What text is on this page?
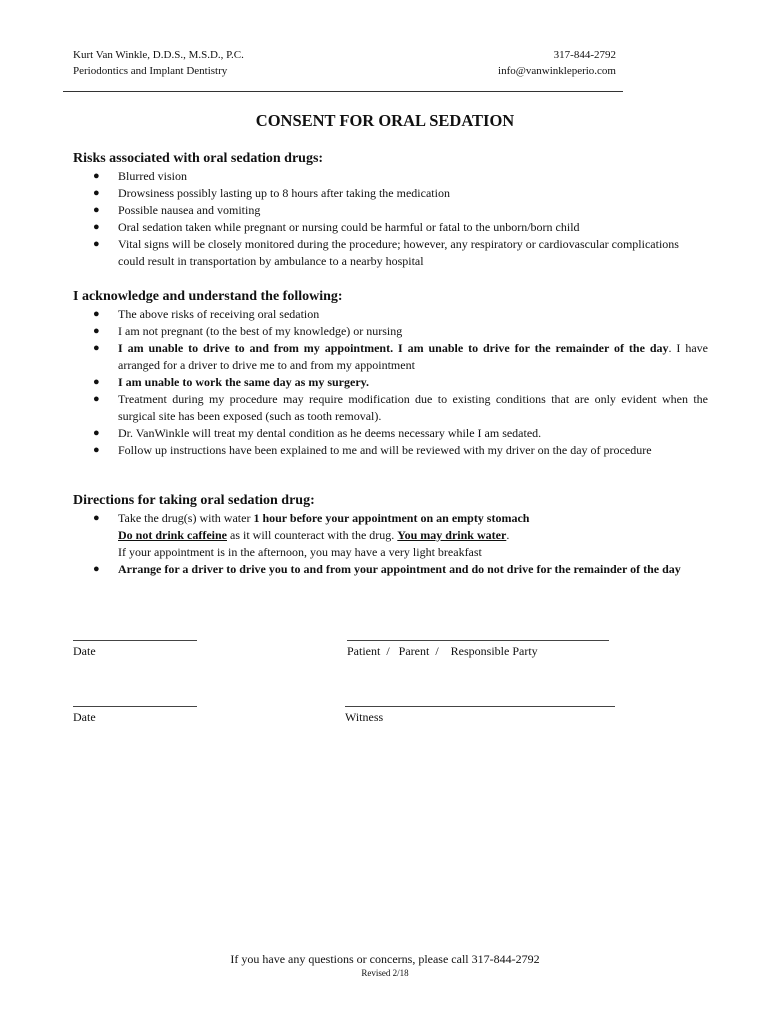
Kurt Van Winkle, D.D.S., M.S.D., P.C.
Periodontics and Implant Dentistry
317-844-2792
info@vanwinkleperio.com
CONSENT FOR ORAL SEDATION
Risks associated with oral sedation drugs:
● Blurred vision
● Drowsiness possibly lasting up to 8 hours after taking the medication
● Possible nausea and vomiting
● Oral sedation taken while pregnant or nursing could be harmful or fatal to the unborn/born child
● Vital signs will be closely monitored during the procedure; however, any respiratory or cardiovascular complications could result in transportation by ambulance to a nearby hospital
I acknowledge and understand the following:
● The above risks of receiving oral sedation
● I am not pregnant (to the best of my knowledge) or nursing
● I am unable to drive to and from my appointment. I am unable to drive for the remainder of the day. I have arranged for a driver to drive me to and from my appointment
● I am unable to work the same day as my surgery.
● Treatment during my procedure may require modification due to existing conditions that are only evident when the surgical site has been exposed (such as tooth removal).
● Dr. VanWinkle will treat my dental condition as he deems necessary while I am sedated.
● Follow up instructions have been explained to me and will be reviewed with my driver on the day of procedure
Directions for taking oral sedation drug:
● Take the drug(s) with water 1 hour before your appointment on an empty stomach
Do not drink caffeine as it will counteract with the drug. You may drink water.
If your appointment is in the afternoon, you may have a very light breakfast
● Arrange for a driver to drive you to and from your appointment and do not drive for the remainder of the day
Date	Patient  /   Parent  /    Responsible Party
Date	Witness
If you have any questions or concerns, please call 317-844-2792
Revised 2/18
